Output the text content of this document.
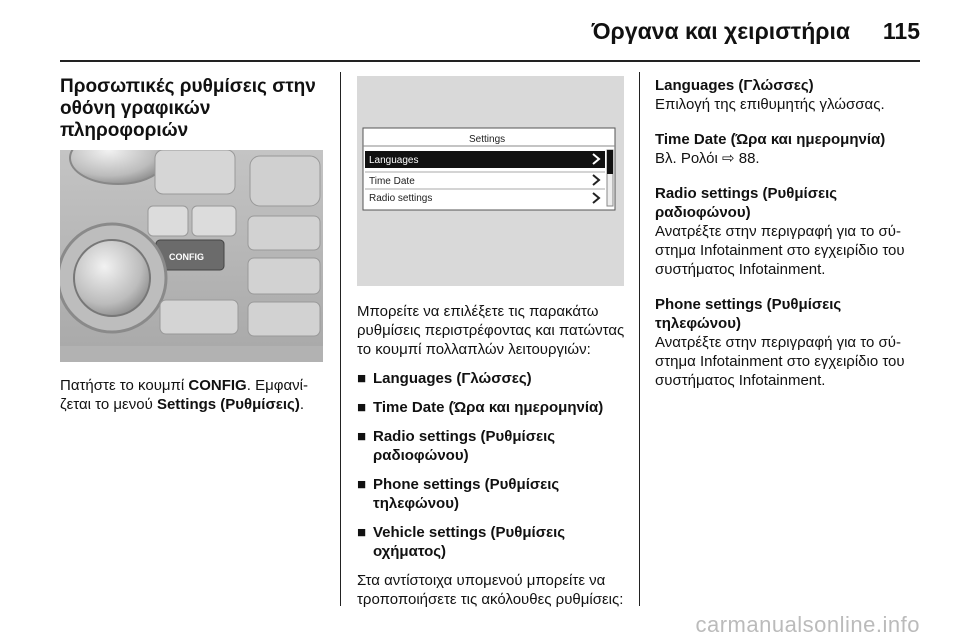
Όργανα και χειριστήρια 115
Προσωπικές ρυθμίσεις στην οθόνη γραφικών πληροφοριών
CONFIG

Πατήστε το κουμπί CONFIG. Εμφανίζεται το μενού Settings (Ρυθμίσεις).

Settings
Languages
Time Date
Radio settings

Μπορείτε να επιλέξετε τις παρακάτω ρυθμίσεις περιστρέφοντας και πατώντας το κουμπί πολλαπλών λειτουργιών:

■ Languages (Γλώσσες)
■ Time Date (Ώρα και ημερομηνία)
■ Radio settings (Ρυθμίσεις ραδιοφώνου)
■ Phone settings (Ρυθμίσεις τηλεφώνου)
■ Vehicle settings (Ρυθμίσεις οχήματος)

Στα αντίστοιχα υπομενού μπορείτε να τροποποιήσετε τις ακόλουθες ρυθμίσεις:

Languages (Γλώσσες)
Επιλογή της επιθυμητής γλώσσας.
Time Date (Ώρα και ημερομηνία)
Βλ. Ρολόι ⇨ 88.
Radio settings (Ρυθμίσεις ραδιοφώνου)
Ανατρέξτε στην περιγραφή για το σύστημα Infotainment στο εγχειρίδιο του συστήματος Infotainment.
Phone settings (Ρυθμίσεις τηλεφώνου)
Ανατρέξτε στην περιγραφή για το σύστημα Infotainment στο εγχειρίδιο του συστήματος Infotainment.
carmanualsonline.info
